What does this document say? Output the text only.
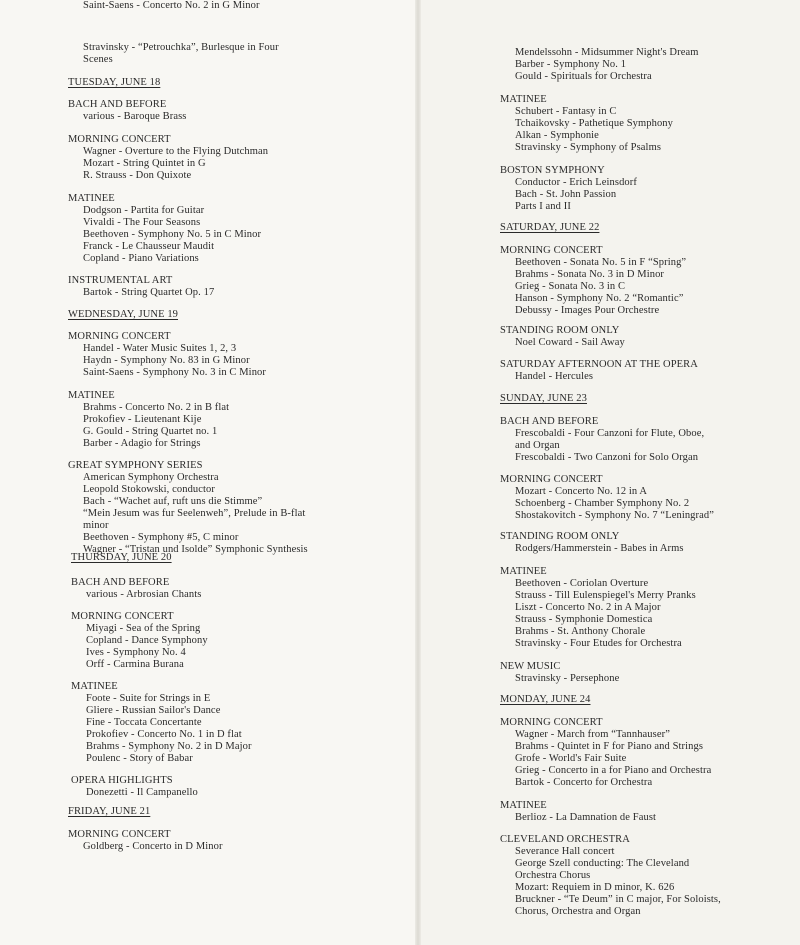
Stravinsky - “Petrouchka”, Burlesque in Four
Scenes
TUESDAY, JUNE 18
BACH AND BEFORE
various - Baroque Brass
MORNING CONCERT
Wagner - Overture to the Flying Dutchman
Mozart - String Quintet in G
R. Strauss - Don Quixote
MATINEE
Dodgson - Partita for Guitar
Vivaldi - The Four Seasons
Beethoven - Symphony No. 5 in C Minor
Franck - Le Chausseur Maudit
Copland - Piano Variations
INSTRUMENTAL ART
Bartok - String Quartet Op. 17
WEDNESDAY, JUNE 19
MORNING CONCERT
Handel - Water Music Suites 1, 2, 3
Haydn - Symphony No. 83 in G Minor
Saint-Saens - Symphony No. 3 in C Minor
MATINEE
Brahms - Concerto No. 2 in B flat
Prokofiev - Lieutenant Kije
G. Gould - String Quartet no. 1
Barber - Adagio for Strings
GREAT SYMPHONY SERIES
American Symphony Orchestra
Leopold Stokowski, conductor
Bach - “Wachet auf, ruft uns die Stimme”
“Mein Jesum was fur Seelenweh”, Prelude in B-flat
minor
Beethoven - Symphony #5, C minor
Wagner - “Tristan und Isolde” Symphonic Synthesis
THURSDAY, JUNE 20
BACH AND BEFORE
various - Arbrosian Chants
MORNING CONCERT
Miyagi - Sea of the Spring
Copland - Dance Symphony
Ives - Symphony No. 4
Orff - Carmina Burana
MATINEE
Foote - Suite for Strings in E
Gliere - Russian Sailor's Dance
Fine - Toccata Concertante
Prokofiev - Concerto No. 1 in D flat
Brahms - Symphony No. 2 in D Major
Poulenc - Story of Babar
OPERA HIGHLIGHTS
Donezetti - Il Campanello
FRIDAY, JUNE 21
MORNING CONCERT
Goldberg - Concerto in D Minor
Saint-Saens - Concerto No. 2 in G Minor
Mendelssohn - Midsummer Night's Dream
Barber - Symphony No. 1
Gould - Spirituals for Orchestra
MATINEE
Schubert - Fantasy in C
Tchaikovsky - Pathetique Symphony
Alkan - Symphonie
Stravinsky - Symphony of Psalms
BOSTON SYMPHONY
Conductor - Erich Leinsdorf
Bach - St. John Passion
Parts I and II
SATURDAY, JUNE 22
MORNING CONCERT
Beethoven - Sonata No. 5 in F “Spring”
Brahms - Sonata No. 3 in D Minor
Grieg - Sonata No. 3 in C
Hanson - Symphony No. 2 “Romantic”
Debussy - Images Pour Orchestre
STANDING ROOM ONLY
Noel Coward - Sail Away
SATURDAY AFTERNOON AT THE OPERA
Handel - Hercules
SUNDAY, JUNE 23
BACH AND BEFORE
Frescobaldi - Four Canzoni for Flute, Oboe,
and Organ
Frescobaldi - Two Canzoni for Solo Organ
MORNING CONCERT
Mozart - Concerto No. 12 in A
Schoenberg - Chamber Symphony No. 2
Shostakovitch - Symphony No. 7 “Leningrad”
STANDING ROOM ONLY
Rodgers/Hammerstein - Babes in Arms
MATINEE
Beethoven - Coriolan Overture
Strauss - Till Eulenspiegel's Merry Pranks
Liszt - Concerto No. 2 in A Major
Strauss - Symphonie Domestica
Brahms - St. Anthony Chorale
Stravinsky - Four Etudes for Orchestra
NEW MUSIC
Stravinsky - Persephone
MONDAY, JUNE 24
MORNING CONCERT
Wagner - March from “Tannhauser”
Brahms - Quintet in F for Piano and Strings
Grofe - World's Fair Suite
Grieg - Concerto in a for Piano and Orchestra
Bartok - Concerto for Orchestra
MATINEE
Berlioz - La Damnation de Faust
CLEVELAND ORCHESTRA
Severance Hall concert
George Szell conducting: The Cleveland
Orchestra Chorus
Mozart: Requiem in D minor, K. 626
Bruckner - “Te Deum” in C major, For Soloists,
Chorus, Orchestra and Organ
